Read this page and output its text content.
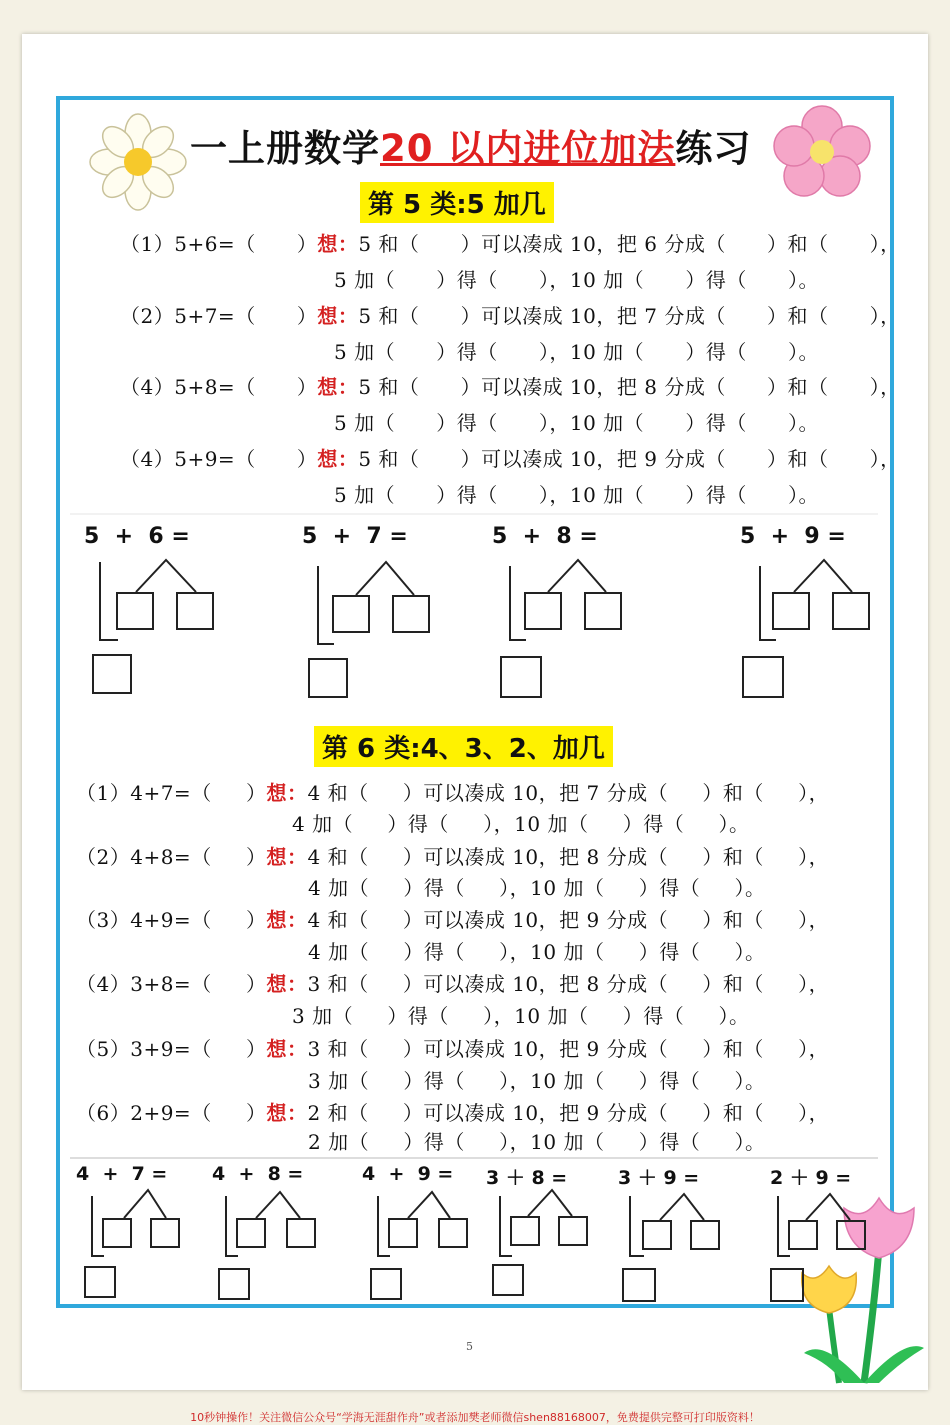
一上册数学20 以内进位加法练习
第 5 类:5 加几
（1）5+6=（      ）想：5 和（      ）可以凑成 10，把 6 分成（      ）和（      ），
5 加（      ）得（      ），10 加（      ）得（      ）。
（2）5+7=（      ）想：5 和（      ）可以凑成 10，把 7 分成（      ）和（      ），
5 加（      ）得（      ），10 加（      ）得（      ）。
（4）5+8=（      ）想：5 和（      ）可以凑成 10，把 8 分成（      ）和（      ），
5 加（      ）得（      ），10 加（      ）得（      ）。
（4）5+9=（      ）想：5 和（      ）可以凑成 10，把 9 分成（      ）和（      ），
5 加（      ）得（      ），10 加（      ）得（      ）。
5  +  6 =	5  +  7 =	5  +  8 =	5  +  9 =
第 6 类:4、3、2、加几
（1）4+7=（     ）想：4 和（     ）可以凑成 10，把 7 分成（     ）和（     ），
4 加（     ）得（     ），10 加（     ）得（     ）。
（2）4+8=（     ）想：4 和（     ）可以凑成 10，把 8 分成（     ）和（     ），
4 加（     ）得（     ），10 加（     ）得（     ）。
（3）4+9=（     ）想：4 和（     ）可以凑成 10，把 9 分成（     ）和（     ），
4 加（     ）得（     ），10 加（     ）得（     ）。
（4）3+8=（     ）想：3 和（     ）可以凑成 10，把 8 分成（     ）和（     ），
3 加（     ）得（     ），10 加（     ）得（     ）。
（5）3+9=（     ）想：3 和（     ）可以凑成 10，把 9 分成（     ）和（     ），
3 加（     ）得（     ），10 加（     ）得（     ）。
（6）2+9=（     ）想：2 和（     ）可以凑成 10，把 9 分成（     ）和（     ），
2 加（     ）得（     ），10 加（     ）得（     ）。
4  +  7 = 4  +  8 =	4  +  9 = 3 ＋ 8 =	3 ＋ 9 =	2 ＋ 9 =
5
10秒钟操作！关注微信公众号“学海无涯甜作舟”或者添加樊老师微信shen88168007，免费提供完整可打印版资料！
